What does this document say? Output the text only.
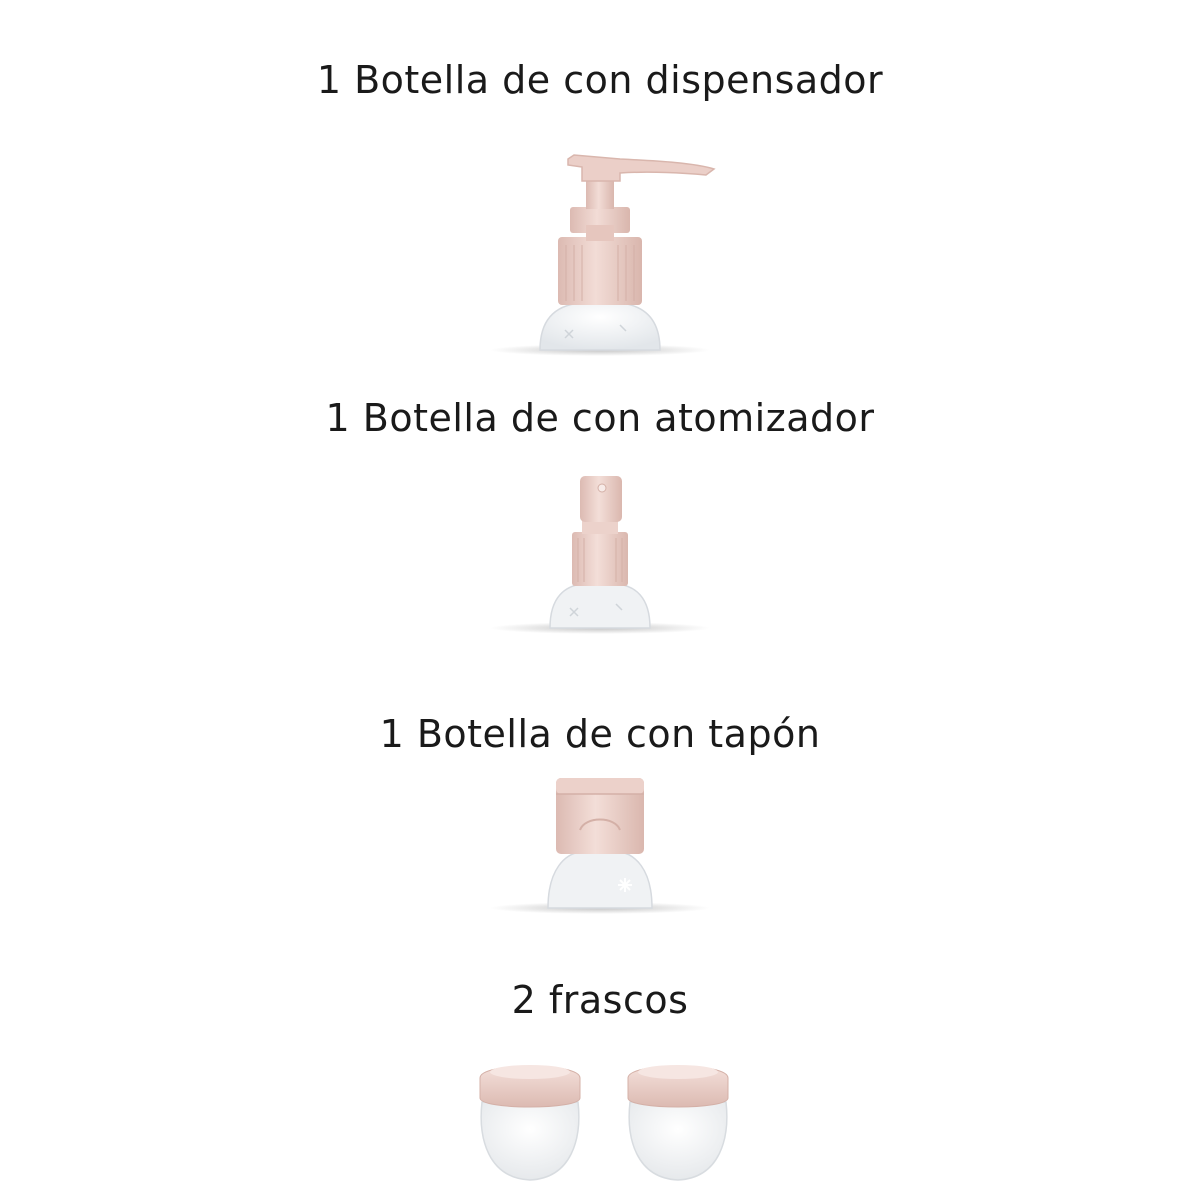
1 Botella de con dispensador
1 Botella de con atomizador
1 Botella de con tapón
2 frascos
